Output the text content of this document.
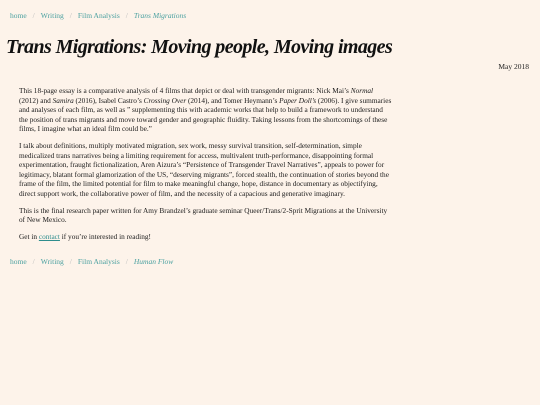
home / Writing / Film Analysis / Trans Migrations
Trans Migrations: Moving people, Moving images
May 2018

This 18-page essay is a comparative analysis of 4 films that depict or deal with transgender migrants: Nick Mai’s Normal (2012) and Samira (2016), Isabel Castro’s Crossing Over (2014), and Tomer Heymann’s Paper Doll’s (2006). I give summaries and analyses of each film, as well as ” supplementing this with academic works that help to build a framework to understand the position of trans migrants and move toward gender and geographic fluidity. Taking lessons from the shortcomings of these films, I imagine what an ideal film could be.”

I talk about definitions, multiply motivated migration, sex work, messy survival transition, self-determination, simple medicalized trans narratives being a limiting requirement for access, multivalent truth-performance, disappointing formal experimentation, fraught fictionalization, Aren Aizura’s “Persistence of Transgender Travel Narratives”, appeals to power for legitimacy, blatant formal glamorization of the US, “deserving migrants”, forced stealth, the continuation of stories beyond the frame of the film, the limited potential for film to make meaningful change, hope, distance in documentary as objectifying, direct support work, the collaborative power of film, and the necessity of a capacious and generative imaginary.

This is the final research paper written for Amy Brandzel’s graduate seminar Queer/Trans/2-Sprit Migrations at the University of New Mexico.

Get in contact if you’re interested in reading!

home / Writing / Film Analysis / Human Flow
